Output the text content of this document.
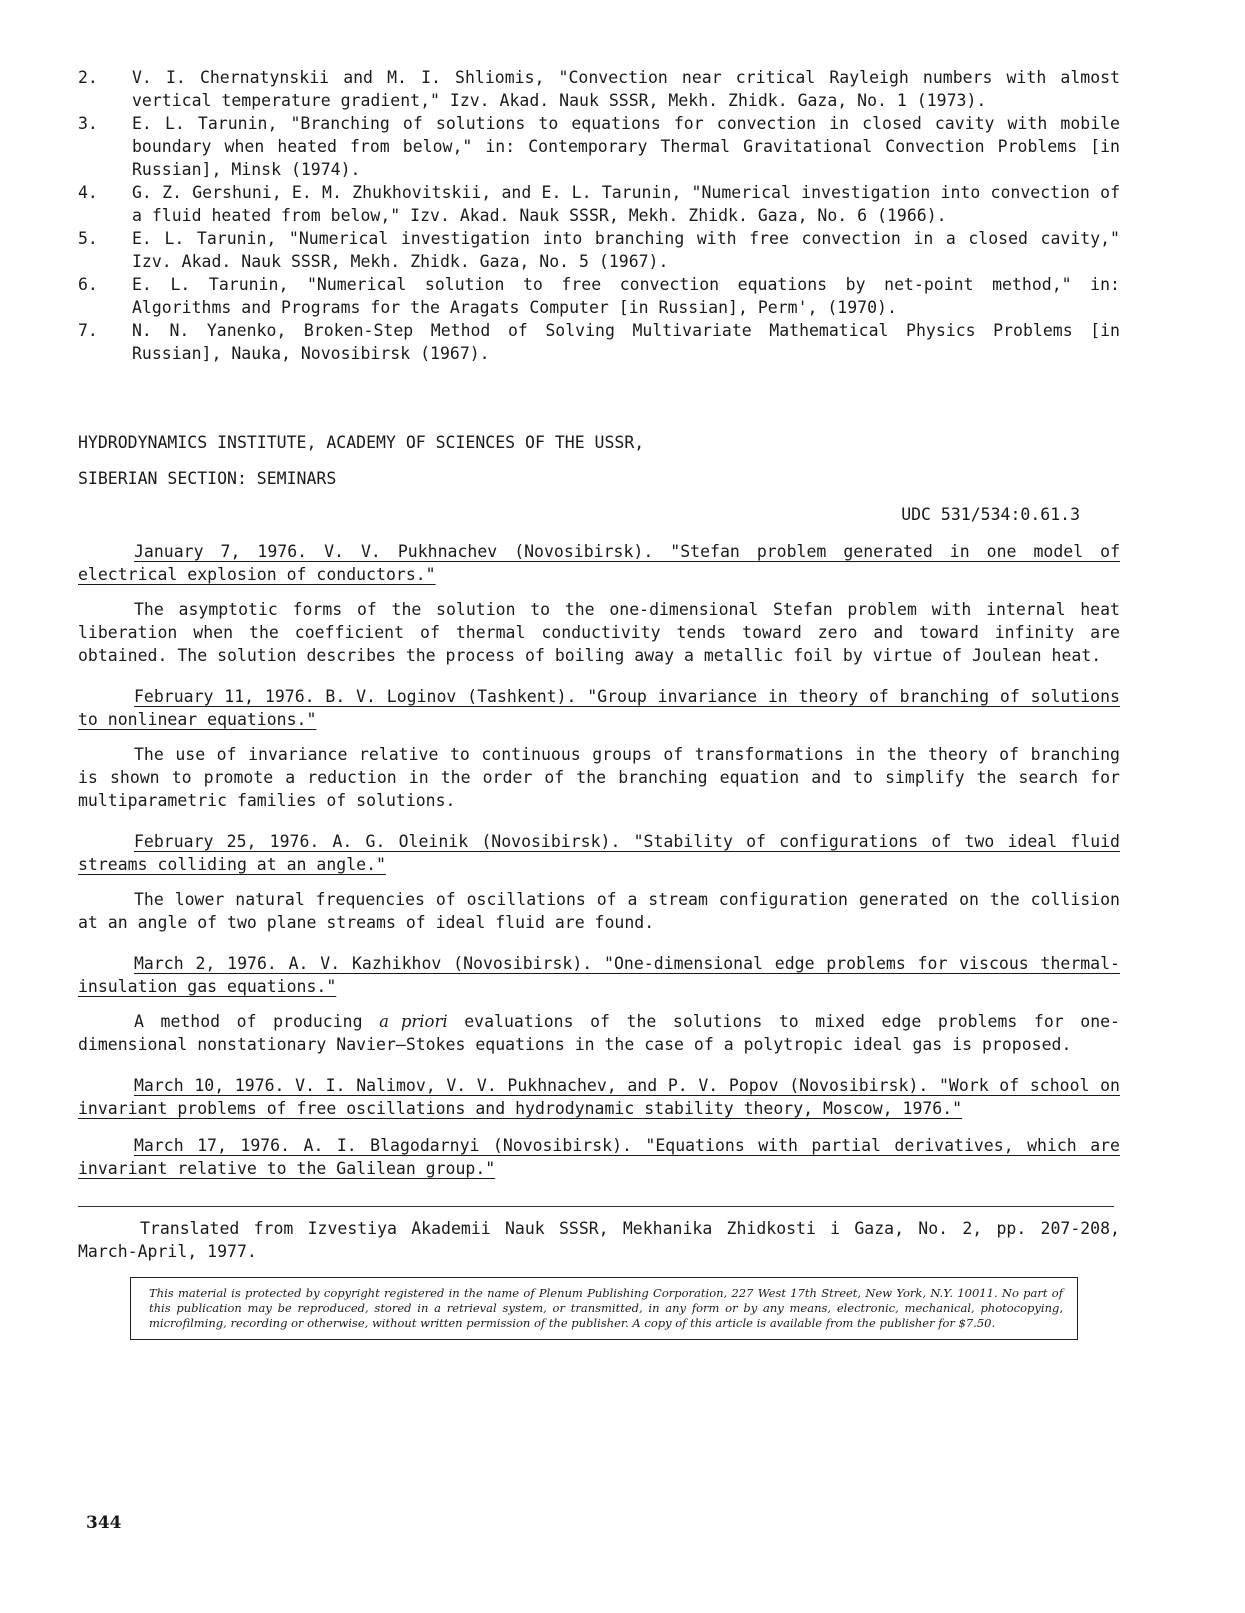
2. V. I. Chernatynskii and M. I. Shliomis, "Convection near critical Rayleigh numbers with almost vertical temperature gradient," Izv. Akad. Nauk SSSR, Mekh. Zhidk. Gaza, No. 1 (1973).
3. E. L. Tarunin, "Branching of solutions to equations for convection in closed cavity with mobile boundary when heated from below," in: Contemporary Thermal Gravitational Convection Problems [in Russian], Minsk (1974).
4. G. Z. Gershuni, E. M. Zhukhovitskii, and E. L. Tarunin, "Numerical investigation into convection of a fluid heated from below," Izv. Akad. Nauk SSSR, Mekh. Zhidk. Gaza, No. 6 (1966).
5. E. L. Tarunin, "Numerical investigation into branching with free convection in a closed cavity," Izv. Akad. Nauk SSSR, Mekh. Zhidk. Gaza, No. 5 (1967).
6. E. L. Tarunin, "Numerical solution to free convection equations by net-point method," in: Algorithms and Programs for the Aragats Computer [in Russian], Perm', (1970).
7. N. N. Yanenko, Broken-Step Method of Solving Multivariate Mathematical Physics Problems [in Russian], Nauka, Novosibirsk (1967).
HYDRODYNAMICS INSTITUTE, ACADEMY OF SCIENCES OF THE USSR,
SIBERIAN SECTION: SEMINARS
UDC 531/534:0.61.3
January 7, 1976. V. V. Pukhnachev (Novosibirsk). "Stefan problem generated in one model of electrical explosion of conductors."
The asymptotic forms of the solution to the one-dimensional Stefan problem with internal heat liberation when the coefficient of thermal conductivity tends toward zero and toward infinity are obtained. The solution describes the process of boiling away a metallic foil by virtue of Joulean heat.
February 11, 1976. B. V. Loginov (Tashkent). "Group invariance in theory of branching of solutions to nonlinear equations."
The use of invariance relative to continuous groups of transformations in the theory of branching is shown to promote a reduction in the order of the branching equation and to simplify the search for multiparametric families of solutions.
February 25, 1976. A. G. Oleinik (Novosibirsk). "Stability of configurations of two ideal fluid streams colliding at an angle."
The lower natural frequencies of oscillations of a stream configuration generated on the collision at an angle of two plane streams of ideal fluid are found.
March 2, 1976. A. V. Kazhikhov (Novosibirsk). "One-dimensional edge problems for viscous thermal-insulation gas equations."
A method of producing a priori evaluations of the solutions to mixed edge problems for one-dimensional nonstationary Navier–Stokes equations in the case of a polytropic ideal gas is proposed.
March 10, 1976. V. I. Nalimov, V. V. Pukhnachev, and P. V. Popov (Novosibirsk). "Work of school on invariant problems of free oscillations and hydrodynamic stability theory, Moscow, 1976."
March 17, 1976. A. I. Blagodarnyi (Novosibirsk). "Equations with partial derivatives, which are invariant relative to the Galilean group."
Translated from Izvestiya Akademii Nauk SSSR, Mekhanika Zhidkosti i Gaza, No. 2, pp. 207-208, March-April, 1977.
This material is protected by copyright registered in the name of Plenum Publishing Corporation, 227 West 17th Street, New York, N.Y. 10011. No part of this publication may be reproduced, stored in a retrieval system, or transmitted, in any form or by any means, electronic, mechanical, photocopying, microfilming, recording or otherwise, without written permission of the publisher. A copy of this article is available from the publisher for $7.50.
344
